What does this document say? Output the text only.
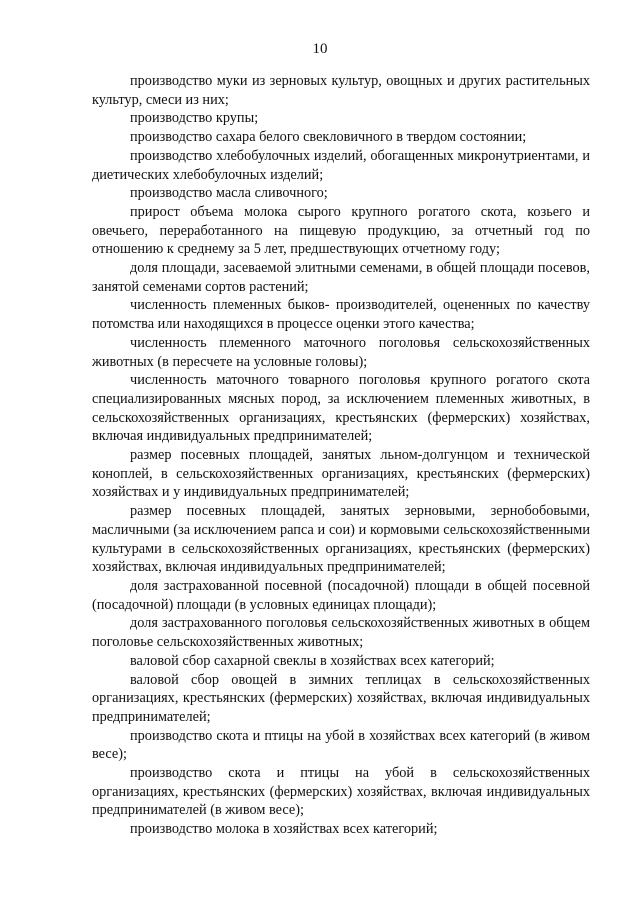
10

производство муки из зерновых культур, овощных и других растительных культур, смеси из них;

производство крупы;

производство сахара белого свекловичного в твердом состоянии;

производство хлебобулочных изделий, обогащенных микронутриентами, и диетических хлебобулочных изделий;

производство масла сливочного;

прирост объема молока сырого крупного рогатого скота, козьего и овечьего, переработанного на пищевую продукцию, за отчетный год по отношению к среднему за 5 лет, предшествующих отчетному году;

доля площади, засеваемой элитными семенами, в общей площади посевов, занятой семенами сортов растений;

численность племенных быков- производителей, оцененных по качеству потомства или находящихся в процессе оценки этого качества;

численность племенного маточного поголовья сельскохозяйственных животных (в пересчете на условные головы);

численность маточного товарного поголовья крупного рогатого скота специализированных мясных пород, за исключением племенных животных, в сельскохозяйственных организациях, крестьянских (фермерских) хозяйствах, включая индивидуальных предпринимателей;

размер посевных площадей, занятых льном-долгунцом и технической коноплей, в сельскохозяйственных организациях, крестьянских (фермерских) хозяйствах и у индивидуальных предпринимателей;

размер посевных площадей, занятых зерновыми, зернобобовыми, масличными (за исключением рапса и сои) и кормовыми сельскохозяйственными культурами в сельскохозяйственных организациях, крестьянских (фермерских) хозяйствах, включая индивидуальных предпринимателей;

доля застрахованной посевной (посадочной) площади в общей посевной (посадочной) площади (в условных единицах площади);

доля застрахованного поголовья сельскохозяйственных животных в общем поголовье сельскохозяйственных животных;

валовой сбор сахарной свеклы в хозяйствах всех категорий;

валовой сбор овощей в зимних теплицах в сельскохозяйственных организациях, крестьянских (фермерских) хозяйствах, включая индивидуальных предпринимателей;

производство скота и птицы на убой в хозяйствах всех категорий (в живом весе);

производство скота и птицы на убой в сельскохозяйственных организациях, крестьянских (фермерских) хозяйствах, включая индивидуальных предпринимателей (в живом весе);

производство молока в хозяйствах всех категорий;
